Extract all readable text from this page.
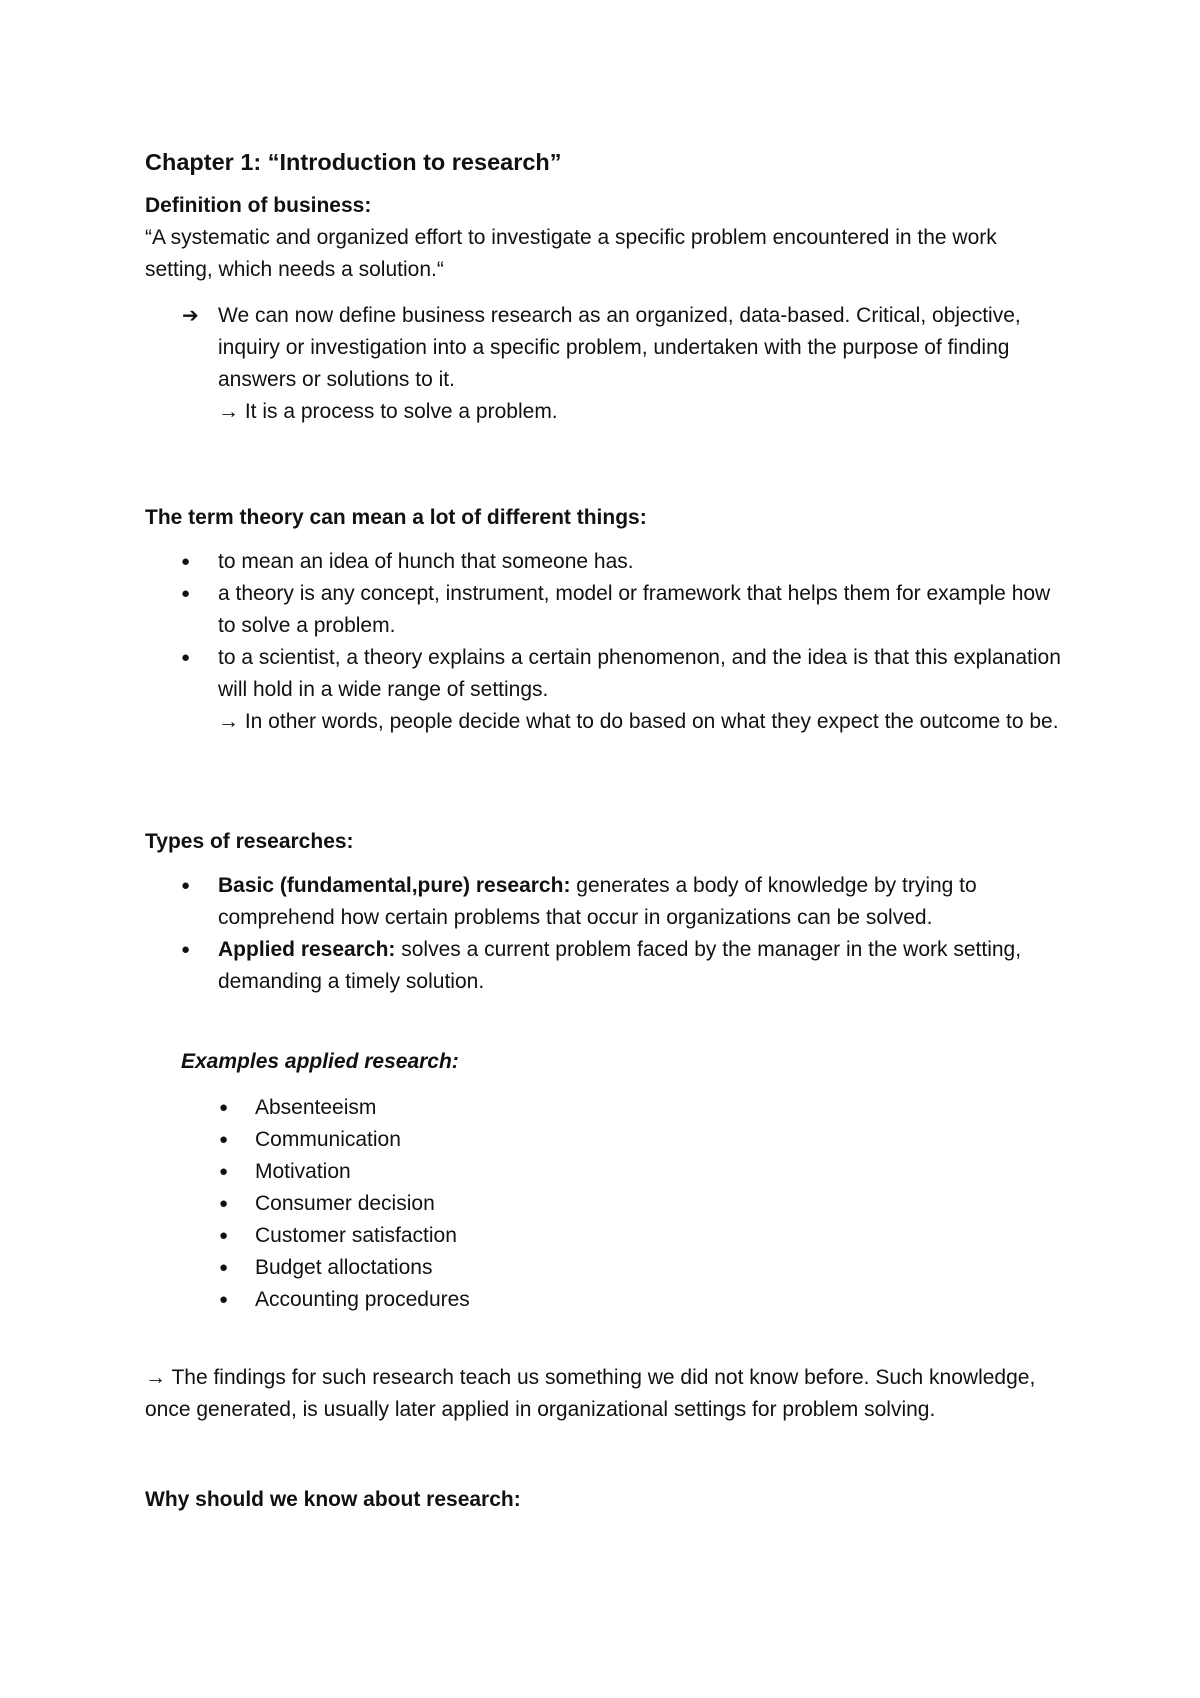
Chapter 1: “Introduction to research”

Definition of business:

“A systematic and organized effort to investigate a specific problem encountered in the work setting, which needs a solution.“

➔ We can now define business research as an organized, data-based. Critical, objective, inquiry or investigation into a specific problem, undertaken with the purpose of finding answers or solutions to it.
→ It is a process to solve a problem.

The term theory can mean a lot of different things:

● to mean an idea of hunch that someone has.
● a theory is any concept, instrument, model or framework that helps them for example how to solve a problem.
● to a scientist, a theory explains a certain phenomenon, and the idea is that this explanation will hold in a wide range of settings.
→ In other words, people decide what to do based on what they expect the outcome to be.

Types of researches:

● Basic (fundamental,pure) research: generates a body of knowledge by trying to comprehend how certain problems that occur in organizations can be solved.
● Applied research: solves a current problem faced by the manager in the work setting, demanding a timely solution.

Examples applied research:

● Absenteeism
● Communication
● Motivation
● Consumer decision
● Customer satisfaction
● Budget alloctations
● Accounting procedures

→ The findings for such research teach us something we did not know before. Such knowledge, once generated, is usually later applied in organizational settings for problem solving.

Why should we know about research:
